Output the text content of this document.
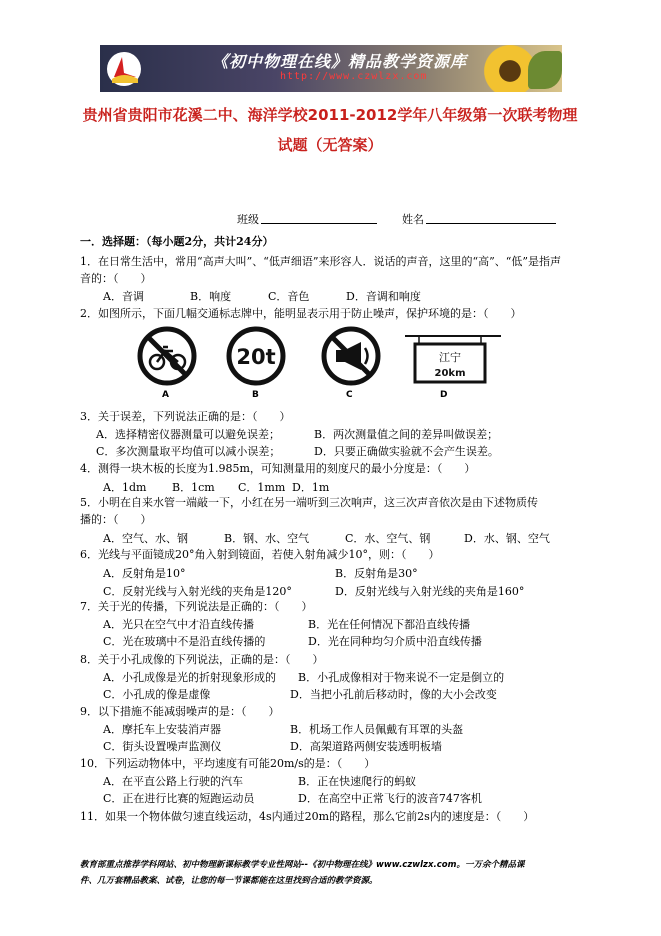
《初中物理在线》精品教学资源库
http://www.czwlzx.com
贵州省贵阳市花溪二中、海洋学校2011-2012学年八年级第一次联考物理
试题（无答案）
班级	姓名
一．选择题：（每小题2分，共计24分）
1．在日常生活中，常用“高声大叫”、“低声细语”来形容人．说话的声音，这里的“高”、“低”是指声
音的：（　　）
A．音调	B．响度	C．音色	D．音调和响度
2．如图所示，下面几幅交通标志牌中，能明显表示用于防止噪声，保护环境的是：（　　）
20t	江宁
20km
A	B	C	D
3．关于误差，下列说法正确的是：（　　）
A．选择精密仪器测量可以避免误差；	B．两次测量值之间的差异叫做误差；
C．多次测量取平均值可以减小误差；	D．只要正确做实验就不会产生误差。
4．测得一块木板的长度为1.985m，可知测量用的刻度尺的最小分度是：（　　）
A．1dm B．1cm C．1mm D．1m
5．小明在自来水管一端敲一下，小红在另一端听到三次响声，这三次声音依次是由下述物质传
播的：（　　）
A．空气、水、钢	B．钢、水、空气	C．水、空气、钢	D．水、钢、空气
6．光线与平面镜成20°角入射到镜面，若使入射角减少10°，则：（　　）
A．反射角是10°	B．反射角是30°
C．反射光线与入射光线的夹角是120°	D．反射光线与入射光线的夹角是160°
7．关于光的传播，下列说法是正确的：（　　）
A．光只在空气中才沿直线传播	B．光在任何情况下都沿直线传播
C．光在玻璃中不是沿直线传播的	D．光在同种均匀介质中沿直线传播
8．关于小孔成像的下列说法，正确的是：（　　）
A．小孔成像是光的折射现象形成的 B．小孔成像相对于物来说不一定是倒立的
C．小孔成的像是虚像	D．当把小孔前后移动时，像的大小会改变
9．以下措施不能减弱噪声的是：（　　）
A．摩托车上安装消声器	B．机场工作人员佩戴有耳罩的头盔
C．街头设置噪声监测仪	D．高架道路两侧安装透明板墙
10．下列运动物体中，平均速度有可能20m/s的是：（　　）
A．在平直公路上行驶的汽车	B．正在快速爬行的蚂蚁
C．正在进行比赛的短跑运动员	D．在高空中正常飞行的波音747客机
11．如果一个物体做匀速直线运动，4s内通过20m的路程，那么它前2s内的速度是：（　　）
教育部重点推荐学科网站、初中物理新课标教学专业性网站--《初中物理在线》www.czwlzx.com。一万余个精品课
件、几万套精品教案、试卷，让您的每一节课都能在这里找到合适的教学资源。
